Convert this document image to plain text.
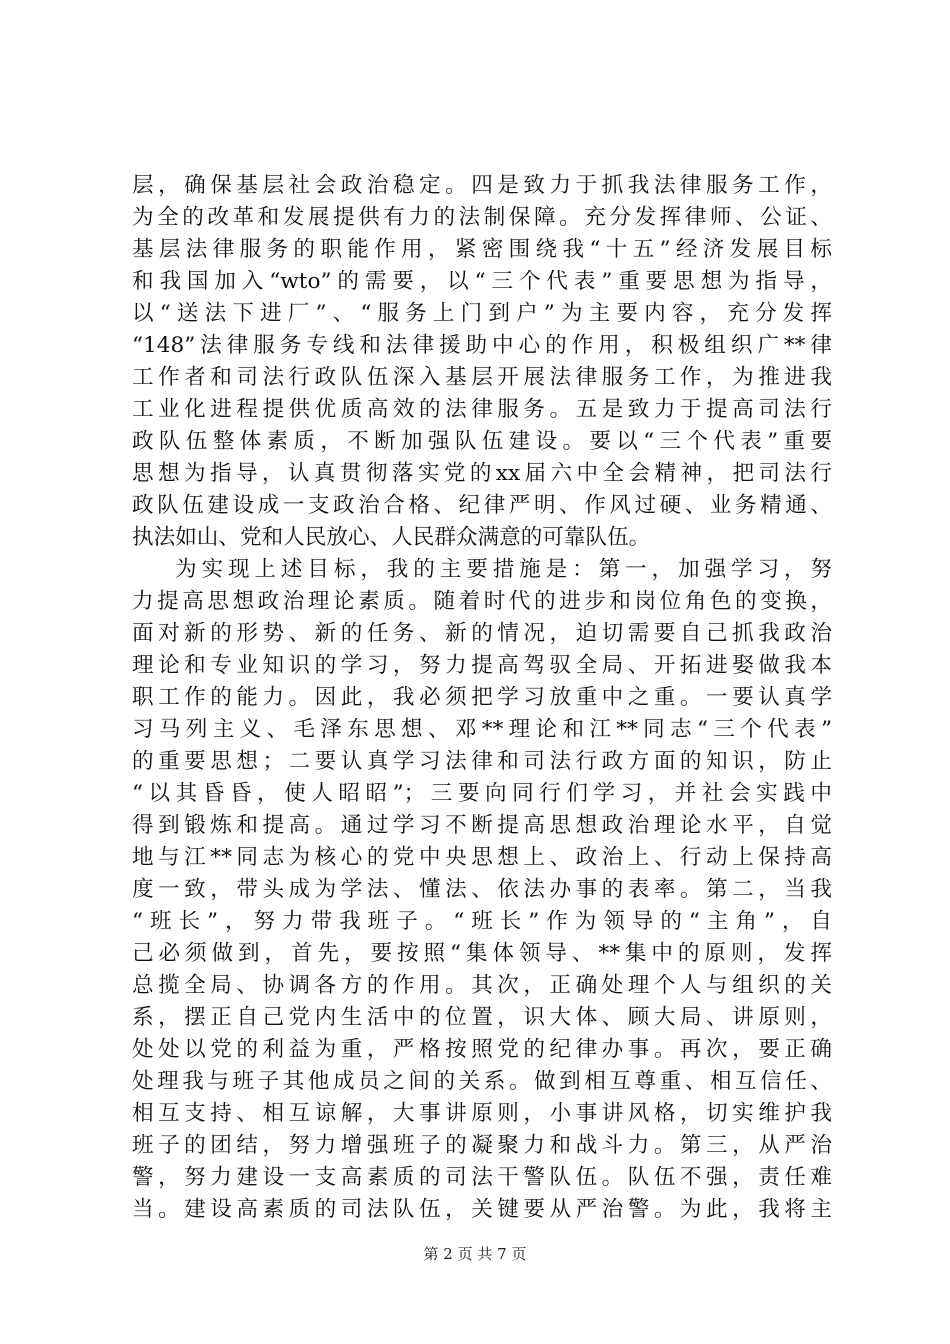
层，确保基层社会政治稳定。四是致力于抓我法律服务工作，
为全的改革和发展提供有力的法制保障。充分发挥律师、公证、
基层法律服务的职能作用，紧密围绕我“十五”经济发展目标
和我国加入“wto”的需要，以“三个代表”重要思想为指导，
以“送法下进厂”、“服务上门到户”为主要内容，充分发挥
“148”法律服务专线和法律援助中心的作用，积极组织广**律
工作者和司法行政队伍深入基层开展法律服务工作，为推进我
工业化进程提供优质高效的法律服务。五是致力于提高司法行
政队伍整体素质，不断加强队伍建设。要以“三个代表”重要
思想为指导，认真贯彻落实党的xx届六中全会精神，把司法行
政队伍建设成一支政治合格、纪律严明、作风过硬、业务精通、
执法如山、党和人民放心、人民群众满意的可靠队伍。
为实现上述目标，我的主要措施是：第一，加强学习，努
力提高思想政治理论素质。随着时代的进步和岗位角色的变换，
面对新的形势、新的任务、新的情况，迫切需要自己抓我政治
理论和专业知识的学习，努力提高驾驭全局、开拓进娶做我本
职工作的能力。因此，我必须把学习放重中之重。一要认真学
习马列主义、毛泽东思想、邓**理论和江**同志“三个代表”
的重要思想；二要认真学习法律和司法行政方面的知识，防止
“以其昏昏，使人昭昭”；三要向同行们学习，并社会实践中
得到锻炼和提高。通过学习不断提高思想政治理论水平，自觉
地与江**同志为核心的党中央思想上、政治上、行动上保持高
度一致，带头成为学法、懂法、依法办事的表率。第二，当我
“班长”，努力带我班子。“班长”作为领导的“主角”，自
己必须做到，首先，要按照“集体领导、**集中的原则，发挥
总揽全局、协调各方的作用。其次，正确处理个人与组织的关
系，摆正自己党内生活中的位置，识大体、顾大局、讲原则，
处处以党的利益为重，严格按照党的纪律办事。再次，要正确
处理我与班子其他成员之间的关系。做到相互尊重、相互信任、
相互支持、相互谅解，大事讲原则，小事讲风格，切实维护我
班子的团结，努力增强班子的凝聚力和战斗力。第三，从严治
警，努力建设一支高素质的司法干警队伍。队伍不强，责任难
当。建设高素质的司法队伍，关键要从严治警。为此，我将主
第 2 页 共 7 页
